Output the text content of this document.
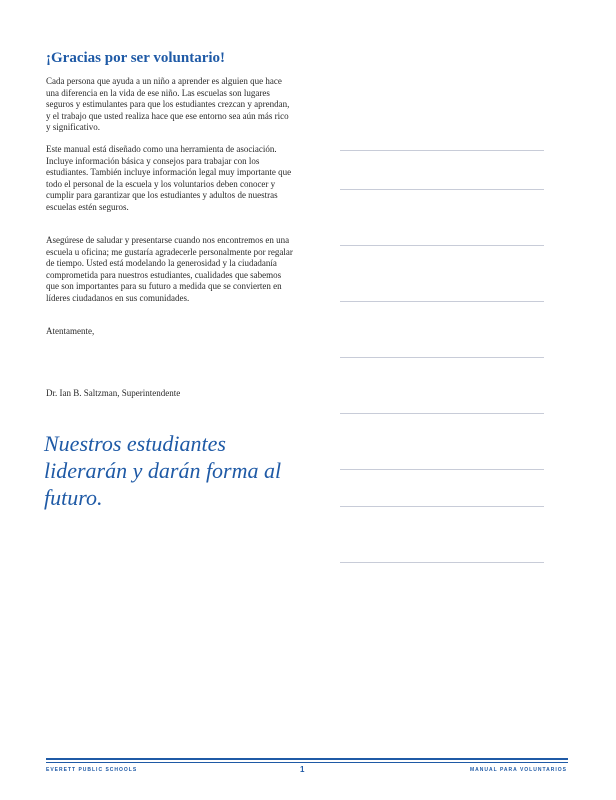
¡Gracias por ser voluntario!

Cada persona que ayuda a un niño a aprender es alguien que hace una diferencia en la vida de ese niño. Las escuelas son lugares seguros y estimulantes para que los estudiantes crezcan y aprendan, y el trabajo que usted realiza hace que ese entorno sea aún más rico y significativo.

Este manual está diseñado como una herramienta de asociación. Incluye información básica y consejos para trabajar con los estudiantes. También incluye información legal muy importante que todo el personal de la escuela y los voluntarios deben conocer y cumplir para garantizar que los estudiantes y adultos de nuestras escuelas estén seguros.

Asegúrese de saludar y presentarse cuando nos encontremos en una escuela u oficina; me gustaría agradecerle personalmente por regalar de tiempo. Usted está modelando la generosidad y la ciudadanía comprometida para nuestros estudiantes, cualidades que sabemos que son importantes para su futuro a medida que se convierten en líderes ciudadanos en sus comunidades.

Atentamente,

Dr. Ian B. Saltzman, Superintendente

Nuestros estudiantes liderarán y darán forma al futuro.

EVERETT PUBLIC SCHOOLS	1	MANUAL PARA VOLUNTARIOS
